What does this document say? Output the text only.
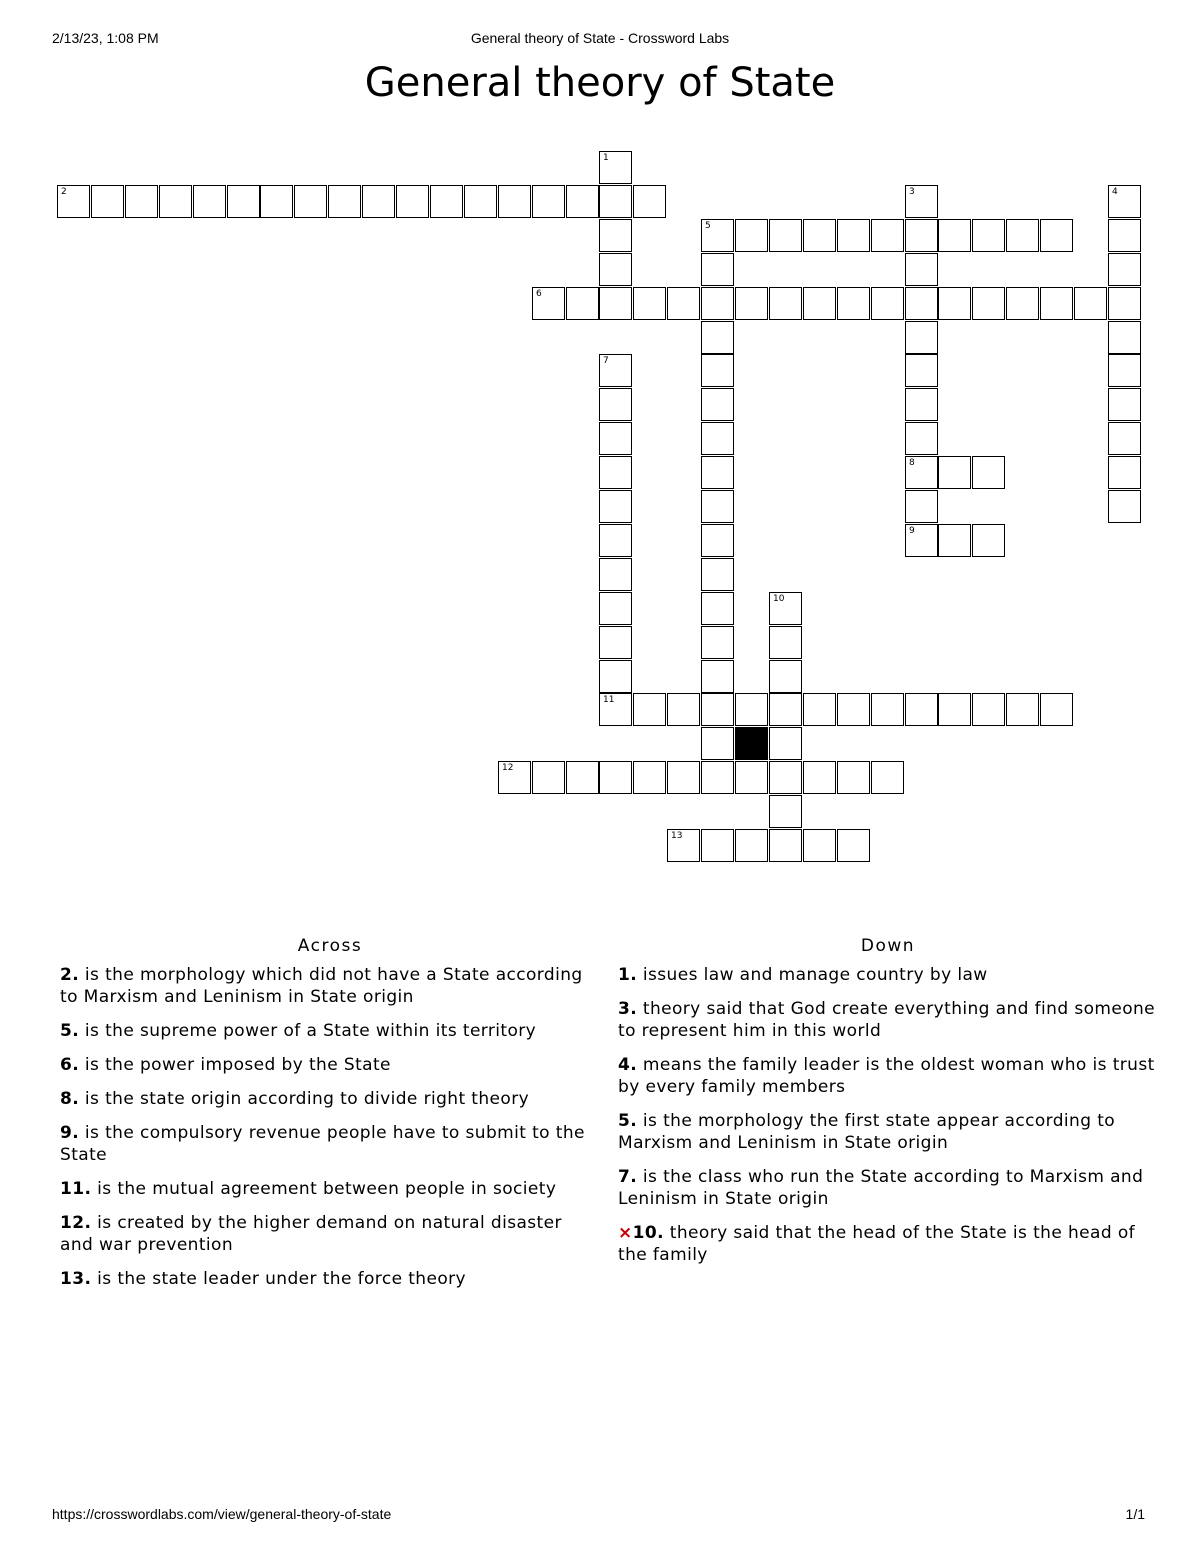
2/13/23, 1:08 PM	General theory of State - Crossword Labs
General theory of State
2
1
3
8
9
4
5
6
7
11
10
12
13
Across

2. is the morphology which did not have a State according to Marxism and Leninism in State origin

5. is the supreme power of a State within its territory

6. is the power imposed by the State

8. is the state origin according to divide right theory

9. is the compulsory revenue people have to submit to the State

11. is the mutual agreement between people in society

12. is created by the higher demand on natural disaster and war prevention

13. is the state leader under the force theory

Down

1. issues law and manage country by law

3. theory said that God create everything and find someone to represent him in this world

4. means the family leader is the oldest woman who is trust by every family members

5. is the morphology the first state appear according to Marxism and Leninism in State origin

7. is the class who run the State according to Marxism and Leninism in State origin

×10. theory said that the head of the State is the head of the family

https://crosswordlabs.com/view/general-theory-of-state	1/1
